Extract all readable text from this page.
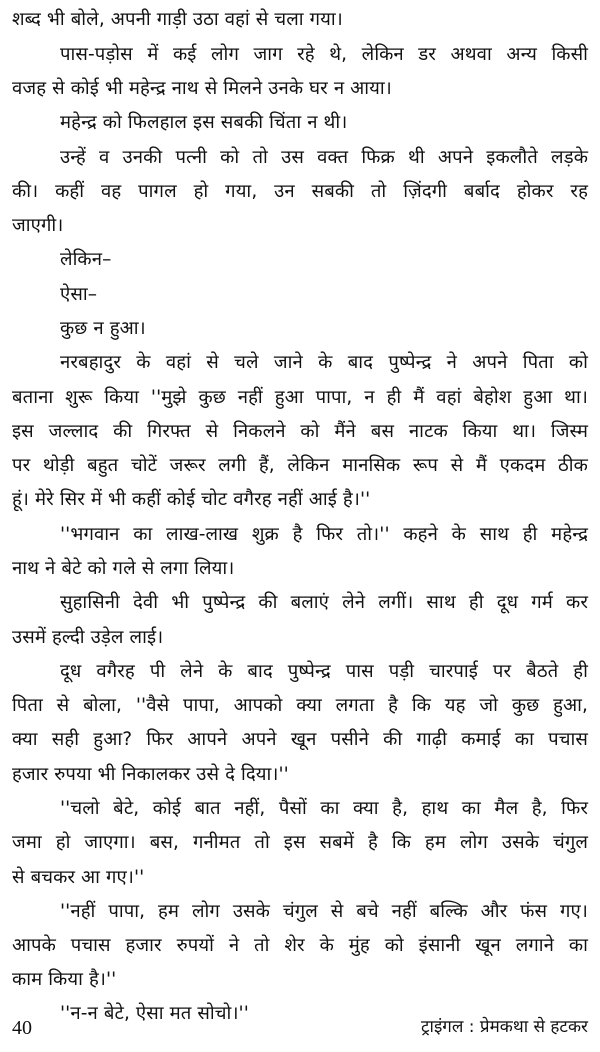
शब्द भी बोले, अपनी गाड़ी उठा वहां से चला गया।
पास-पड़ोस में कई लोग जाग रहे थे, लेकिन डर अथवा अन्य किसी
वजह से कोई भी महेन्द्र नाथ से मिलने उनके घर न आया।
महेन्द्र को फिलहाल इस सबकी चिंता न थी।
उन्हें व उनकी पत्नी को तो उस वक्त फिक्र थी अपने इकलौते लड़के
की। कहीं वह पागल हो गया, उन सबकी तो ज़िंदगी बर्बाद होकर रह
जाएगी।
लेकिन–
ऐसा–
कुछ न हुआ।
नरबहादुर के वहां से चले जाने के बाद पुष्पेन्द्र ने अपने पिता को
बताना शुरू किया ''मुझे कुछ नहीं हुआ पापा, न ही मैं वहां बेहोश हुआ था।
इस जल्लाद की गिरफ्त से निकलने को मैंने बस नाटक किया था। जिस्म
पर थोड़ी बहुत चोटें जरूर लगी हैं, लेकिन मानसिक रूप से मैं एकदम ठीक
हूं। मेरे सिर में भी कहीं कोई चोट वगैरह नहीं आई है।''
''भगवान का लाख-लाख शुक्र है फिर तो।'' कहने के साथ ही महेन्द्र
नाथ ने बेटे को गले से लगा लिया।
सुहासिनी देवी भी पुष्पेन्द्र की बलाएं लेने लगीं। साथ ही दूध गर्म कर
उसमें हल्दी उड़ेल लाई।
दूध वगैरह पी लेने के बाद पुष्पेन्द्र पास पड़ी चारपाई पर बैठते ही
पिता से बोला, ''वैसे पापा, आपको क्या लगता है कि यह जो कुछ हुआ,
क्या सही हुआ? फिर आपने अपने खून पसीने की गाढ़ी कमाई का पचास
हजार रुपया भी निकालकर उसे दे दिया।''
''चलो बेटे, कोई बात नहीं, पैसों का क्या है, हाथ का मैल है, फिर
जमा हो जाएगा। बस, गनीमत तो इस सबमें है कि हम लोग उसके चंगुल
से बचकर आ गए।''
''नहीं पापा, हम लोग उसके चंगुल से बचे नहीं बल्कि और फंस गए।
आपके पचास हजार रुपयों ने तो शेर के मुंह को इंसानी खून लगाने का
काम किया है।''
''न-न बेटे, ऐसा मत सोचो।''
40	ट्राइंगल : प्रेमकथा से हटकर
